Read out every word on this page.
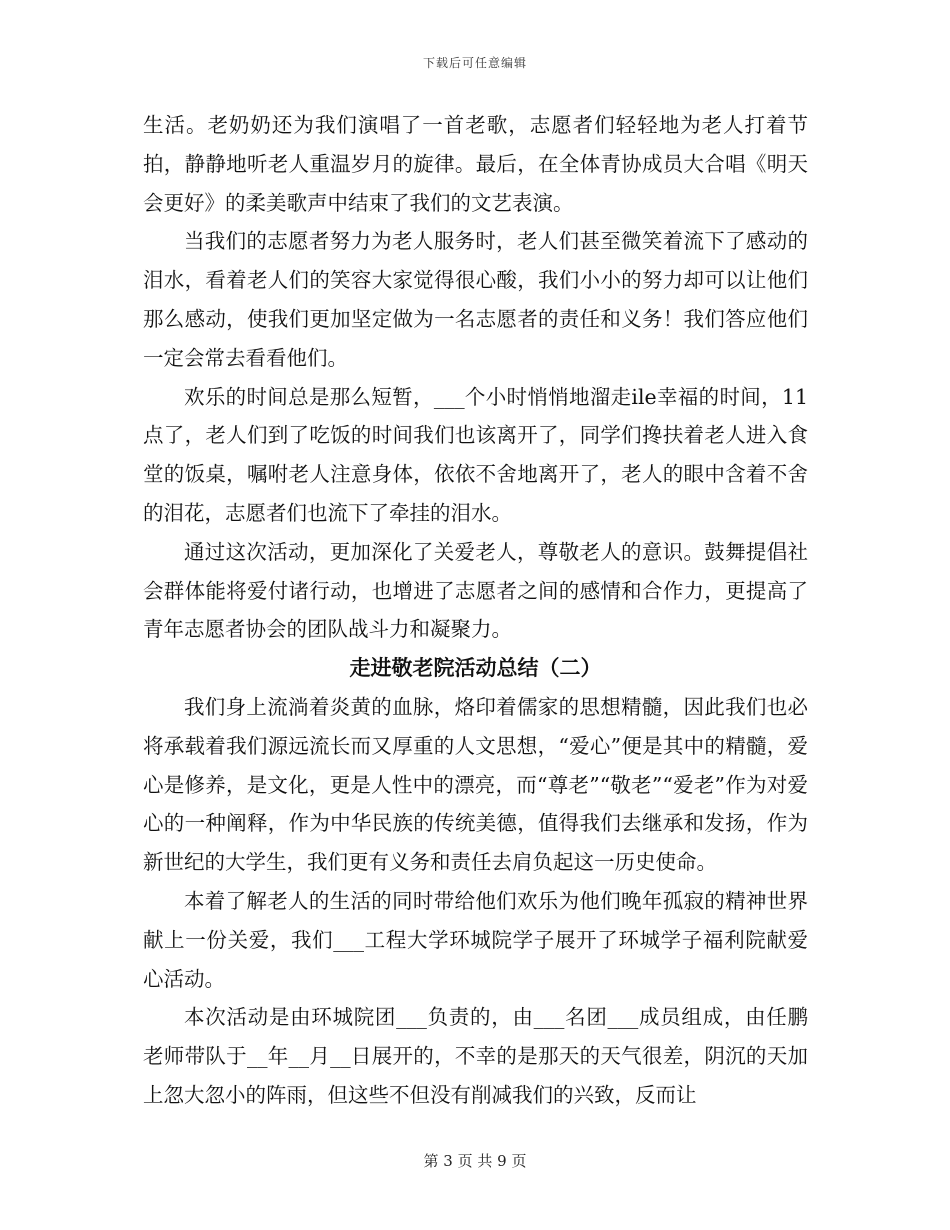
下载后可任意编辑

生活。老奶奶还为我们演唱了一首老歌，志愿者们轻轻地为老人打着节拍，静静地听老人重温岁月的旋律。最后，在全体青协成员大合唱《明天会更好》的柔美歌声中结束了我们的文艺表演。

当我们的志愿者努力为老人服务时，老人们甚至微笑着流下了感动的泪水，看着老人们的笑容大家觉得很心酸，我们小小的努力却可以让他们那么感动，使我们更加坚定做为一名志愿者的责任和义务！我们答应他们一定会常去看看他们。

欢乐的时间总是那么短暂，___个小时悄悄地溜走ile幸福的时间，11点了，老人们到了吃饭的时间我们也该离开了，同学们搀扶着老人进入食堂的饭桌，嘱咐老人注意身体，依依不舍地离开了，老人的眼中含着不舍的泪花，志愿者们也流下了牵挂的泪水。

通过这次活动，更加深化了关爱老人，尊敬老人的意识。鼓舞提倡社会群体能将爱付诸行动，也增进了志愿者之间的感情和合作力，更提高了青年志愿者协会的团队战斗力和凝聚力。

走进敬老院活动总结（二）

我们身上流淌着炎黄的血脉，烙印着儒家的思想精髓，因此我们也必将承载着我们源远流长而又厚重的人文思想，“爱心”便是其中的精髓，爱心是修养，是文化，更是人性中的漂亮，而“尊老”“敬老”“爱老”作为对爱心的一种阐释，作为中华民族的传统美德，值得我们去继承和发扬，作为新世纪的大学生，我们更有义务和责任去肩负起这一历史使命。

本着了解老人的生活的同时带给他们欢乐为他们晚年孤寂的精神世界献上一份关爱，我们___工程大学环城院学子展开了环城学子福利院献爱心活动。

本次活动是由环城院团___负责的，由___名团___成员组成，由任鹏老师带队于__年__月__日展开的，不幸的是那天的天气很差，阴沉的天加上忽大忽小的阵雨，但这些不但没有削减我们的兴致，反而让

第 3 页 共 9 页
